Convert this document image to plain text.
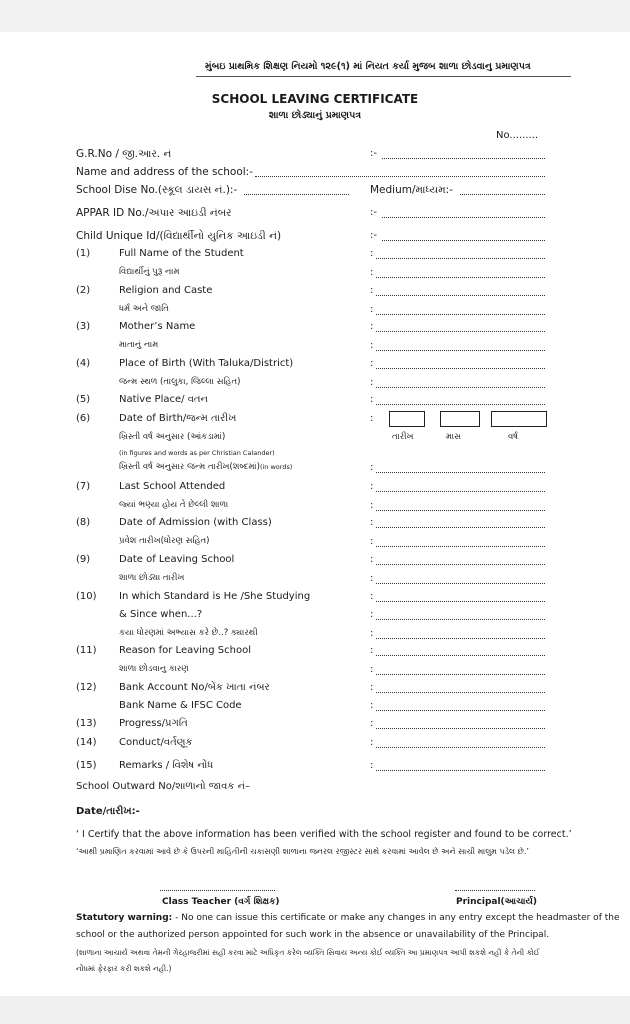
મુંબઇ પ્રાથમિક શિક્ષણ નિયમો ૧૨૯(૧) માં નિયત કર્યા મુજબ શાળા છોડવાનુ પ્રમાણપત્ર
SCHOOL LEAVING CERTIFICATE
શાળા છોડ્યાનું પ્રમાણપત્ર
No.........
G.R.No / જી.આર. નં	:-
Name and address of the school:-
School Dise No.(સ્કૂલ ડાયસ નં.):-	Medium/માધ્યમ:-
APPAR ID No./અપાર આઇડી નંબર	:-
Child Unique Id/(વિદ્યાર્થીનો યુનિક આઇડી નં)	:-
(1)	Full Name of the Student	:
વિદ્યાર્થીનું પુરૂ નામ	:
(2)	Religion and Caste	:
ધર્મ અને જાતિ	:
(3)	Mother’s Name	:
માતાનું નામ	:
(4)	Place of Birth (With Taluka/District)	:
જન્મ સ્થળ (તાલુકા, જિલ્લા સહિત)	:
(5)	Native Place/ વતન	:
(6)	Date of Birth/જન્મ તારીખ	:
ખ્રિસ્તી વર્ષ અનુસાર (આંકડામાં)	તારીખ	માસ	વર્ષ
(in figures and words as per Christian Calander)
ખ્રિસ્તી વર્ષ અનુસાર જન્મ તારીખ(શબ્દમાં)(in words)	:
(7)	Last School Attended	:
જ્યાં ભણ્યા હોય તે છેલ્લી શાળા	:
(8)	Date of Admission (with Class)	:
પ્રવેશ તારીખ(ધોરણ સહિત)	:
(9)	Date of Leaving School	:
શાળા છોડ્યા તારીખ	:
(10) In which Standard is He /She Studying	:
& Since when...?	:
કયા ધોરણમાં અભ્યાસ કરે છે..? ક્યારથી	:
(11) Reason for Leaving School	:
શાળા છોડવાનુ કારણ	:
(12) Bank Account No/બેંક ખાતા નંબર	:
Bank Name & IFSC Code	:
(13) Progress/પ્રગતિ	:
(14) Conduct/વર્તણૂક	:
(15) Remarks / વિશેષ નોંધ	:
School Outward No/શાળાનો જાવક નં–
Date/તારીખ:-
‘ I Certify that the above information has been verified with the school register and found to be correct.’
‘આથી પ્રમાણિત કરવામાં આવે છે કે ઉપરની માહિતીની ચકાસણી શાળાના જનરલ રજીસ્ટર સાથે કરવામાં આવેલ છે અને સાચી માલુમ પડેલ છે.’
Class Teacher (વર્ગ શિક્ષક)	Principal(આચાર્ય)
Statutory warning: - No one can issue this certificate or make any changes in any entry except the headmaster of the
school or the authorized person appointed for such work in the absence or unavailability of the Principal.
(શાળાના આચાર્ય અથવા તેમની ગેરહાજરીમાં સહી કરવા માટે અધિકૃત કરેલ વ્યક્તિ સિવાય અન્ય કોઈ વ્યક્તિ આ પ્રમાણપત્ર આપી શકશે નહીં કે તેની કોઈ
નોંધમાં ફેરફાર કરી શકશે નહી.)
